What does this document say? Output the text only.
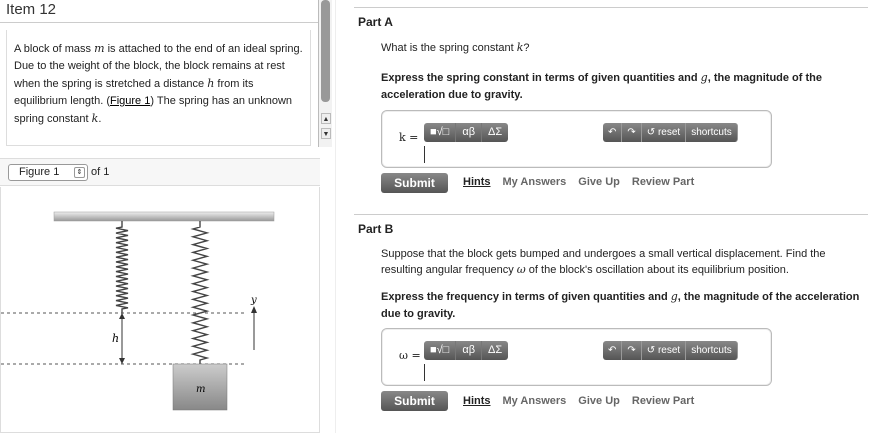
Item 12
A block of mass m is attached to the end of an ideal spring. Due to the weight of the block, the block remains at rest when the spring is stretched a distance h from its equilibrium length. (Figure 1) The spring has an unknown spring constant k.	▲
▼
Figure 1	⇕ of 1
h
y
m
Part A
What is the spring constant k?
Express the spring constant in terms of given quantities and g, the magnitude of the acceleration due to gravity.
k =	■√□	αβ	ΔΣ	↶	↷	↺ reset	shortcuts
Submit	Hints My Answers Give Up Review Part
Part B
Suppose that the block gets bumped and undergoes a small vertical displacement. Find the resulting angular frequency ω of the block's oscillation about its equilibrium position.
Express the frequency in terms of given quantities and g, the magnitude of the acceleration due to gravity.
ω = ■√□	αβ	ΔΣ	↶	↷	↺ reset	shortcuts
Submit	Hints My Answers Give Up Review Part
